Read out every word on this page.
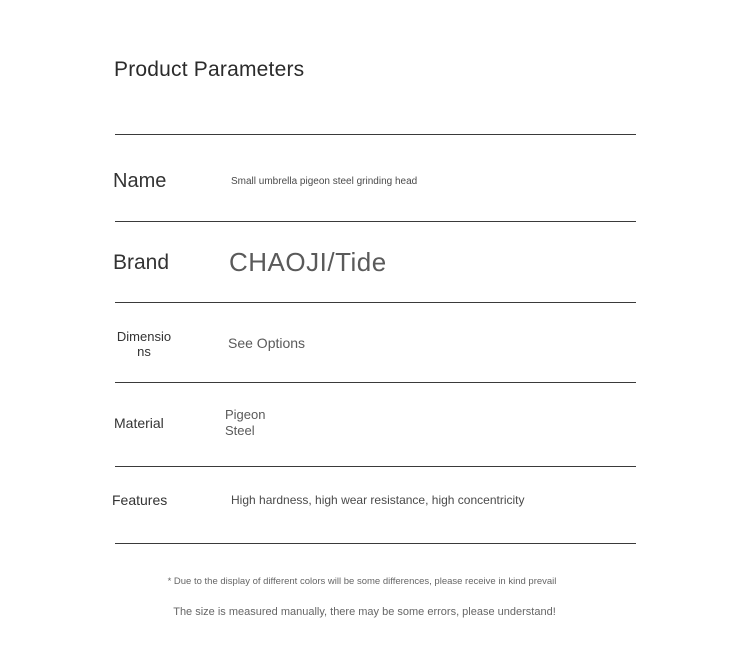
Product Parameters
Name	Small umbrella pigeon steel grinding head
Brand CHAOJI/Tide
Dimensions
See Options
Material
Pigeon Steel
Features	High hardness, high wear resistance, high concentricity
* Due to the display of different colors will be some differences, please receive in kind prevail
The size is measured manually, there may be some errors, please understand!
